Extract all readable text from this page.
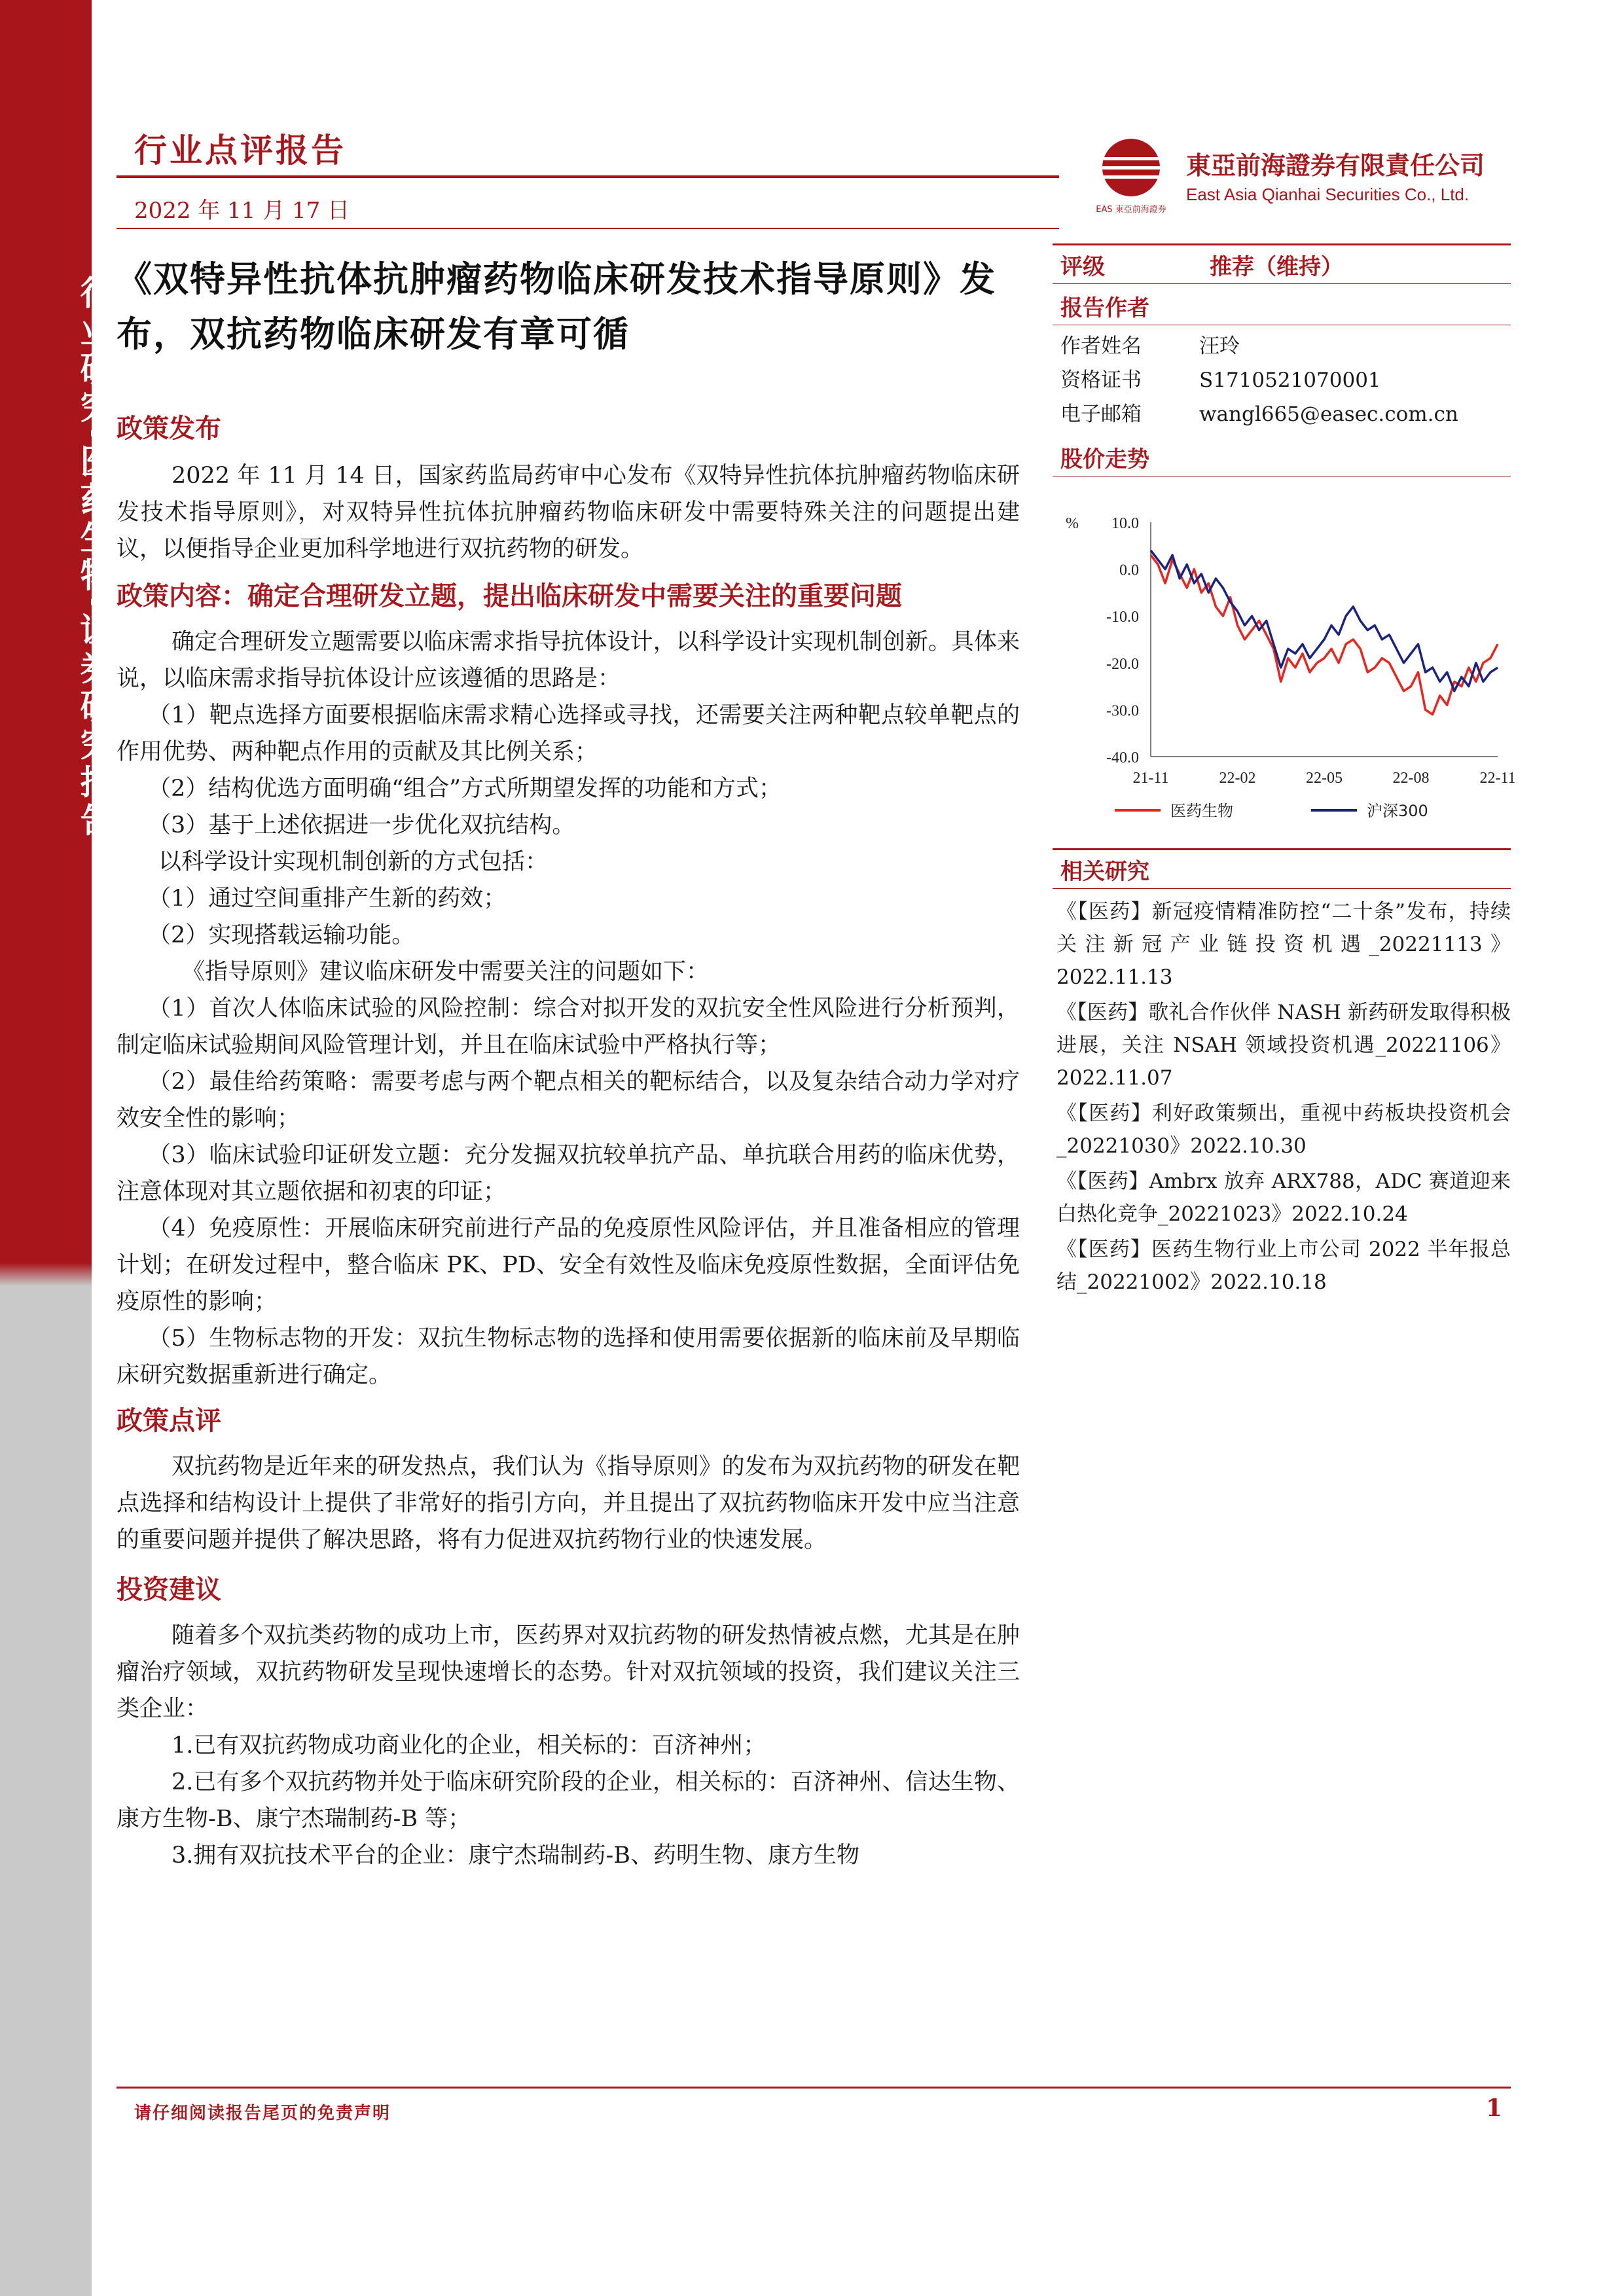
行业研究·医药生物·证券研究报告
行业点评报告
2022 年 11 月 17 日	EAS 東亞前海證券
東亞前海證券有限責任公司
East Asia Qianhai Securities Co., Ltd.
《双特异性抗体抗肿瘤药物临床研发技术指导原则》发布，双抗药物临床研发有章可循
政策发布

2022 年 11 月 14 日，国家药监局药审中心发布《双特异性抗体抗肿瘤药物临床研发技术指导原则》，对双特异性抗体抗肿瘤药物临床研发中需要特殊关注的问题提出建议，以便指导企业更加科学地进行双抗药物的研发。

政策内容：确定合理研发立题，提出临床研发中需要关注的重要问题

确定合理研发立题需要以临床需求指导抗体设计，以科学设计实现机制创新。具体来说，以临床需求指导抗体设计应该遵循的思路是：

（1）靶点选择方面要根据临床需求精心选择或寻找，还需要关注两种靶点较单靶点的作用优势、两种靶点作用的贡献及其比例关系；

（2）结构优选方面明确“组合”方式所期望发挥的功能和方式；

（3）基于上述依据进一步优化双抗结构。

以科学设计实现机制创新的方式包括：

（1）通过空间重排产生新的药效；

（2）实现搭载运输功能。

《指导原则》建议临床研发中需要关注的问题如下：

（1）首次人体临床试验的风险控制：综合对拟开发的双抗安全性风险进行分析预判，制定临床试验期间风险管理计划，并且在临床试验中严格执行等；

（2）最佳给药策略：需要考虑与两个靶点相关的靶标结合，以及复杂结合动力学对疗效安全性的影响；

（3）临床试验印证研发立题：充分发掘双抗较单抗产品、单抗联合用药的临床优势，注意体现对其立题依据和初衷的印证；

（4）免疫原性：开展临床研究前进行产品的免疫原性风险评估，并且准备相应的管理计划；在研发过程中，整合临床 PK、PD、安全有效性及临床免疫原性数据，全面评估免疫原性的影响；

（5）生物标志物的开发：双抗生物标志物的选择和使用需要依据新的临床前及早期临床研究数据重新进行确定。

政策点评

双抗药物是近年来的研发热点，我们认为《指导原则》的发布为双抗药物的研发在靶点选择和结构设计上提供了非常好的指引方向，并且提出了双抗药物临床开发中应当注意的重要问题并提供了解决思路，将有力促进双抗药物行业的快速发展。

投资建议

随着多个双抗类药物的成功上市，医药界对双抗药物的研发热情被点燃，尤其是在肿瘤治疗领域，双抗药物研发呈现快速增长的态势。针对双抗领域的投资，我们建议关注三类企业：

1.已有双抗药物成功商业化的企业，相关标的：百济神州；

2.已有多个双抗药物并处于临床研究阶段的企业，相关标的：百济神州、信达生物、康方生物-B、康宁杰瑞制药-B 等；

3.拥有双抗技术平台的企业：康宁杰瑞制药-B、药明生物、康方生物

评级	推荐（维持）
报告作者
作者姓名	汪玲
资格证书	S1710521070001
电子邮箱	wangl665@easec.com.cn
股价走势
% 10.0
0.0
-10.0
-20.0
-30.0
-40.0
21-11	22-02	22-05	22-08	22-11
医药生物	沪深300
相关研究

《【医药】新冠疫情精准防控“二十条”发布，持续关注新冠产业链投资机遇_20221113》2022.11.13

《【医药】歌礼合作伙伴 NASH 新药研发取得积极进展，关注 NSAH 领域投资机遇_20221106》2022.11.07

《【医药】利好政策频出，重视中药板块投资机会_20221030》2022.10.30

《【医药】Ambrx 放弃 ARX788，ADC 赛道迎来白热化竞争_20221023》2022.10.24

《【医药】医药生物行业上市公司 2022 半年报总结_20221002》2022.10.18

请仔细阅读报告尾页的免责声明	1
